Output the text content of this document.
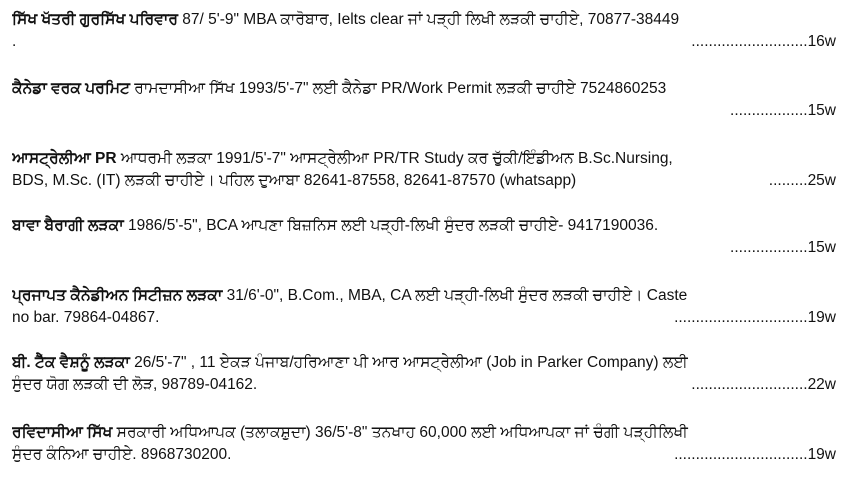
ਸਿੱਖ ਖੱਤਰੀ ਗੁਰਸਿੱਖ ਪਰਿਵਾਰ 87/ 5'-9" MBA ਕਾਰੋਬਾਰ, Ielts clear ਜਾਂ ਪੜ੍ਹੀ ਲਿਖੀ ਲੜਕੀ ਚਾਹੀਏ, 70877-38449
.	...........................16w
ਕੈਨੇਡਾ ਵਰਕ ਪਰਮਿਟ ਰਾਮਦਾਸੀਆ ਸਿੱਖ 1993/5'-7" ਲਈ ਕੈਨੇਡਾ PR/Work Permit ਲੜਕੀ ਚਾਹੀਏ 7524860253
..................15w
ਆਸਟ੍ਰੇਲੀਆ PR ਆਧਰਮੀ ਲੜਕਾ 1991/5'-7" ਆਸਟ੍ਰੇਲੀਆ PR/TR Study ਕਰ ਚੁੱਕੀ/ਇੰਡੀਅਨ B.Sc.Nursing,
BDS, M.Sc. (IT) ਲੜਕੀ ਚਾਹੀਏ। ਪਹਿਲ ਦੁਆਬਾ 82641-87558, 82641-87570 (whatsapp)	.........25w
ਬਾਵਾ ਬੈਰਾਗੀ ਲੜਕਾ 1986/5'-5", BCA ਆਪਣਾ ਬਿਜ਼ਨਿਸ ਲਈ ਪੜ੍ਹੀ-ਲਿਖੀ ਸੁੰਦਰ ਲੜਕੀ ਚਾਹੀਏ- 9417190036.
..................15w
ਪ੍ਰਜਾਪਤ ਕੈਨੇਡੀਅਨ ਸਿਟੀਜ਼ਨ ਲੜਕਾ 31/6'-0", B.Com., MBA, CA ਲਈ ਪੜ੍ਹੀ-ਲਿਖੀ ਸੁੰਦਰ ਲੜਕੀ ਚਾਹੀਏ। Caste
no bar. 79864-04867.	...............................19w
ਬੀ. ਟੈੱਕ ਵੈਸ਼ਨੂੰ ਲੜਕਾ 26/5'-7" , 11 ਏਕੜ ਪੰਜਾਬ/ਹਰਿਆਣਾ ਪੀ ਆਰ ਆਸਟ੍ਰੇਲੀਆ (Job in Parker Company) ਲਈ
ਸੁੰਦਰ ਯੋਗ ਲੜਕੀ ਦੀ ਲੋੜ, 98789-04162.	...........................22w
ਰਵਿਦਾਸੀਆ ਸਿੱਖ ਸਰਕਾਰੀ ਅਧਿਆਪਕ (ਤਲਾਕਸ਼ੁਦਾ) 36/5'-8" ਤਨਖਾਹ 60,000 ਲਈ ਅਧਿਆਪਕਾ ਜਾਂ ਚੰਗੀ ਪੜ੍ਹੀਲਿਖੀ
ਸੁੰਦਰ ਕੰਨਿਆ ਚਾਹੀਏ. 8968730200.	...............................19w
